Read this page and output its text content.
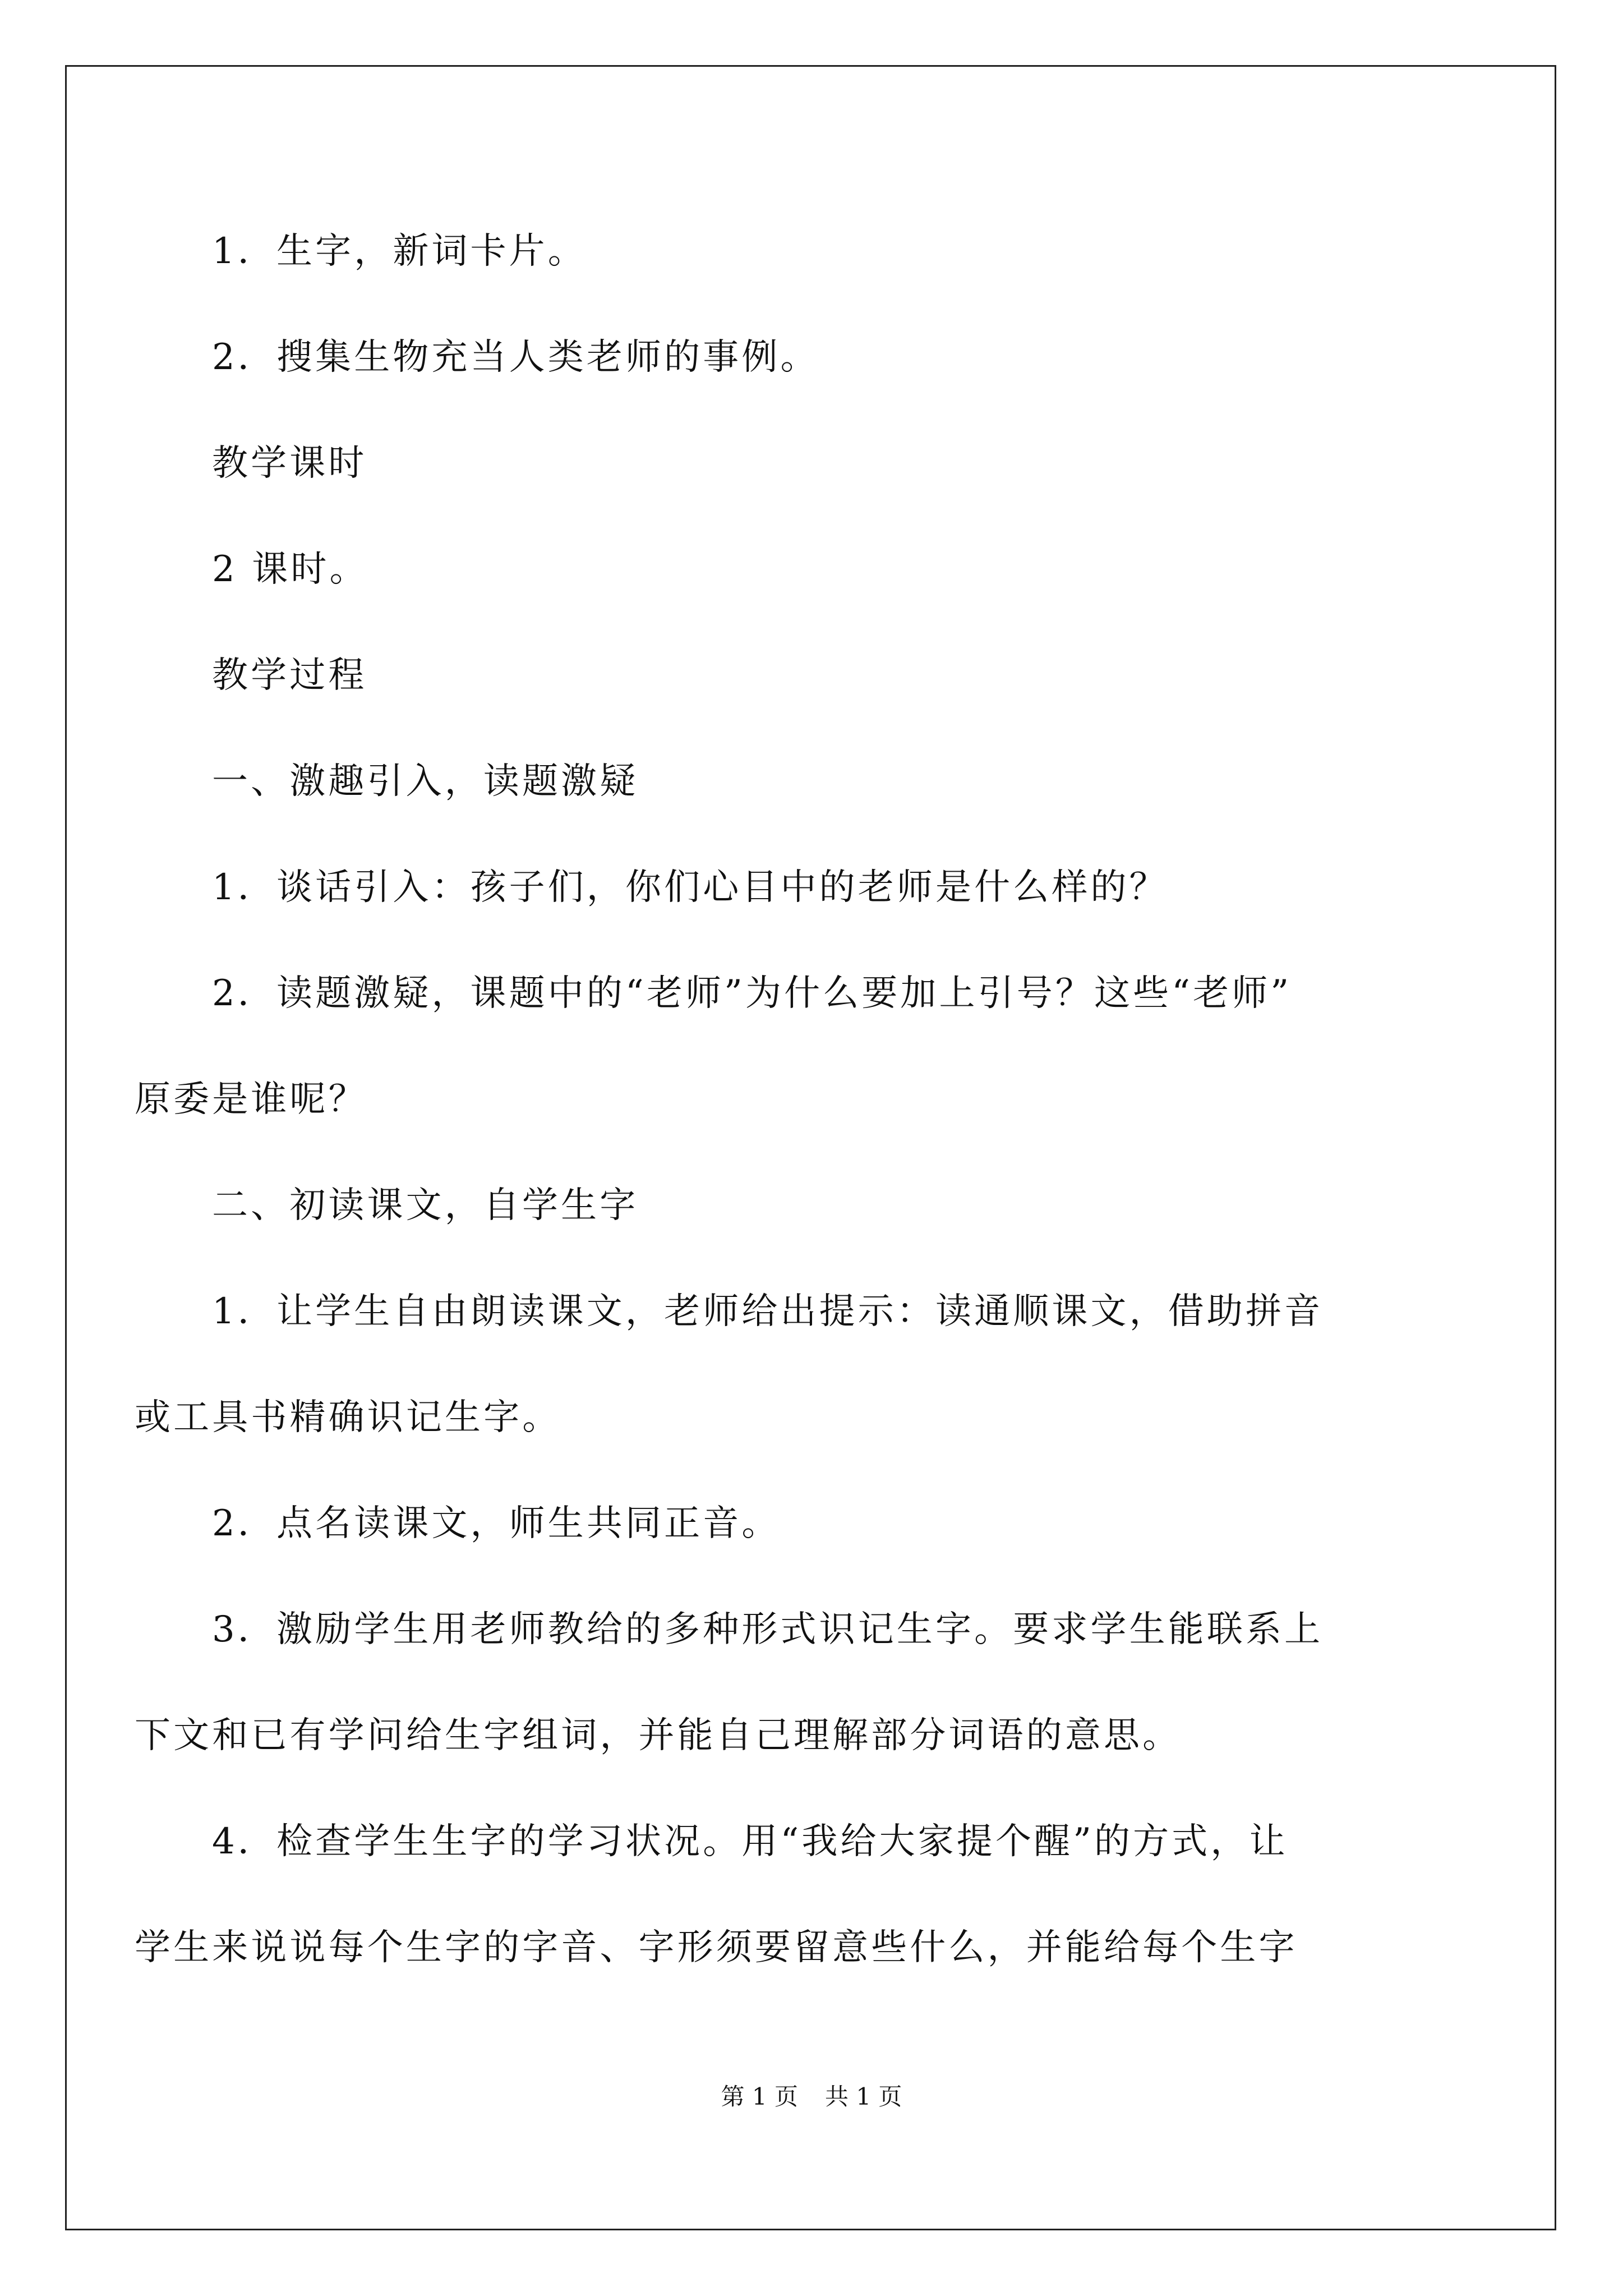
1．生字，新词卡片。
2．搜集生物充当人类老师的事例。
教学课时
2 课时。
教学过程
一、激趣引入，读题激疑
1．谈话引入：孩子们，你们心目中的老师是什么样的？
2．读题激疑，课题中的“老师”为什么要加上引号？这些“老师”
原委是谁呢？
二、初读课文，自学生字
1．让学生自由朗读课文，老师给出提示：读通顺课文，借助拼音
或工具书精确识记生字。
2．点名读课文，师生共同正音。
3．激励学生用老师教给的多种形式识记生字。要求学生能联系上
下文和已有学问给生字组词，并能自己理解部分词语的意思。
4．检查学生生字的学习状况。用“我给大家提个醒”的方式，让
学生来说说每个生字的字音、字形须要留意些什么，并能给每个生字
第 1 页 共 1 页
